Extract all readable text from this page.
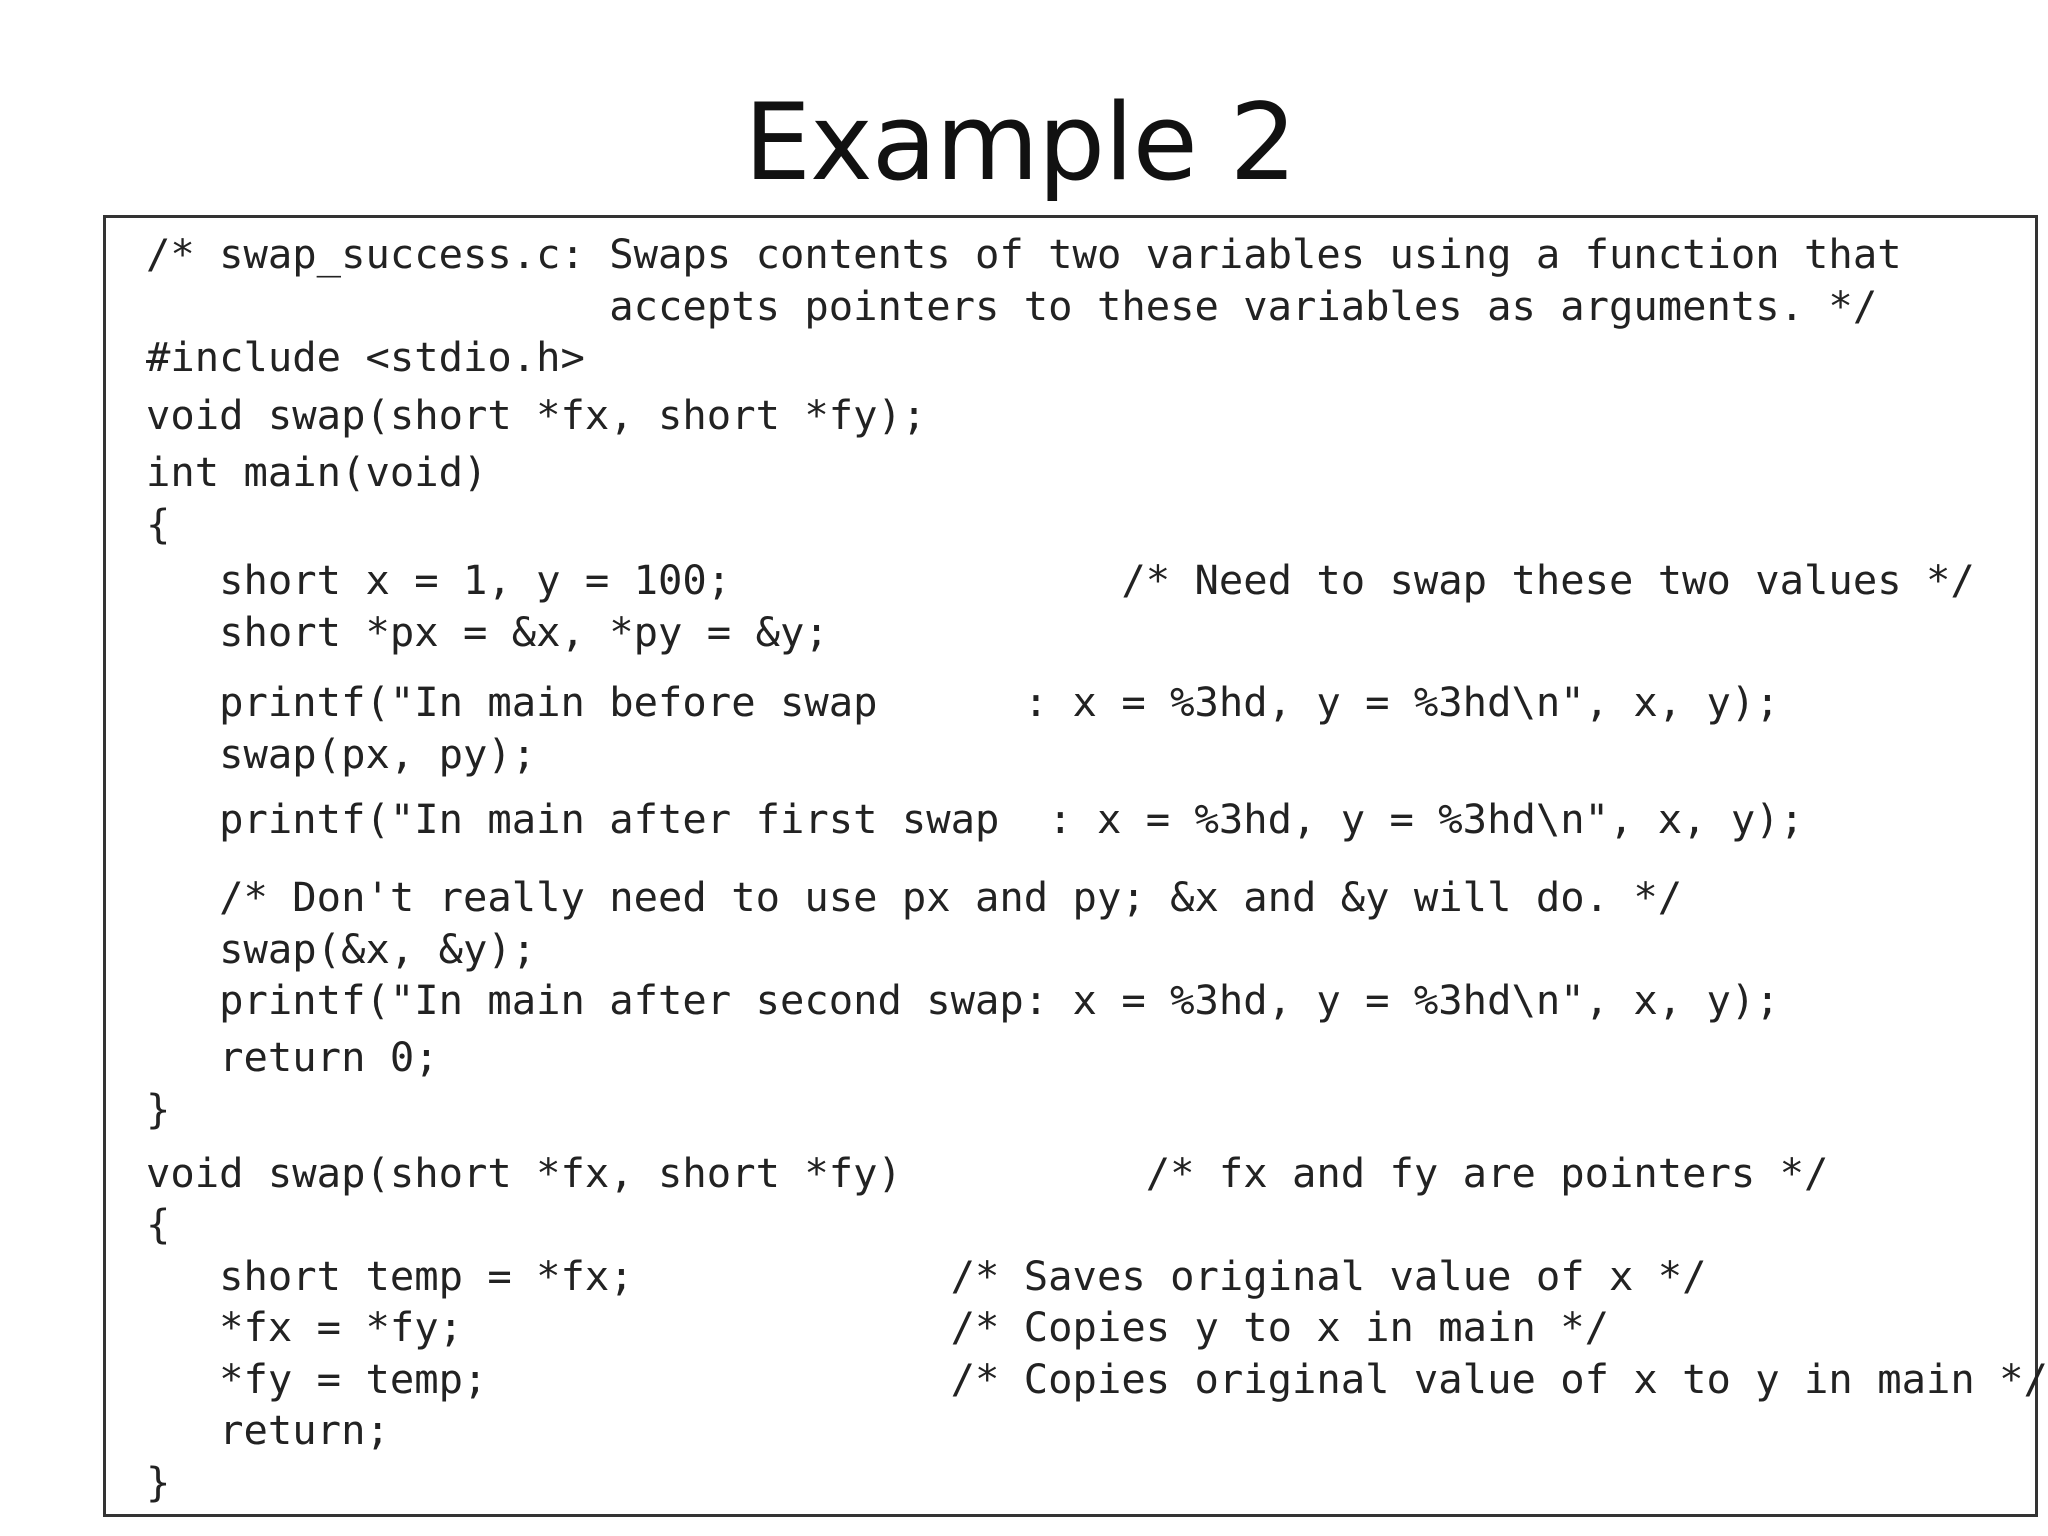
Example 2
/* swap_success.c: Swaps contents of two variables using a function that
accepts pointers to these variables as arguments. */
#include <stdio.h>
void swap(short *fx, short *fy);
int main(void)
{
short x = 1, y = 100;                /* Need to swap these two values */
short *px = &x, *py = &y;
printf("In main before swap      : x = %3hd, y = %3hd\n", x, y);
swap(px, py);
printf("In main after first swap  : x = %3hd, y = %3hd\n", x, y);
/* Don't really need to use px and py; &x and &y will do. */
swap(&x, &y);
printf("In main after second swap: x = %3hd, y = %3hd\n", x, y);
return 0;
}
void swap(short *fx, short *fy)          /* fx and fy are pointers */
{
short temp = *fx;             /* Saves original value of x */
*fx = *fy;                    /* Copies y to x in main */
*fy = temp;                   /* Copies original value of x to y in main */
return;
}
